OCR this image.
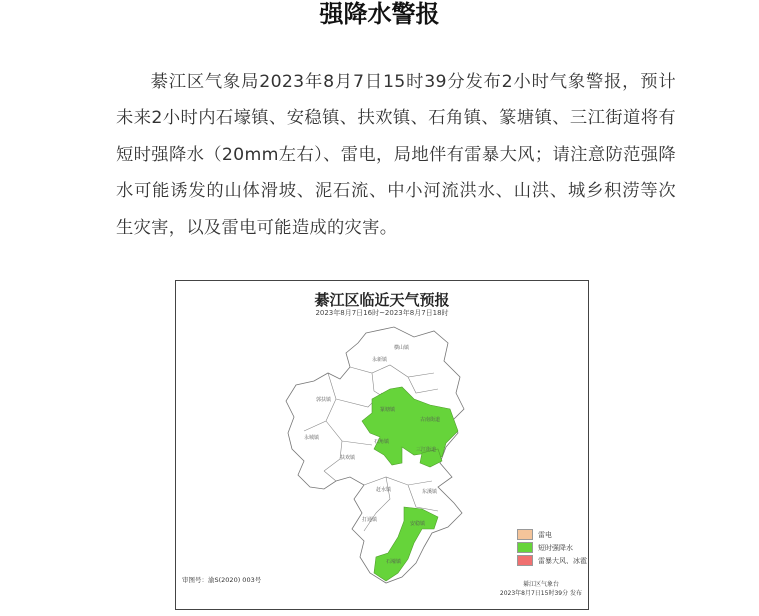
强降水警报
綦江区气象局2023年8月7日15时39分发布2小时气象警报，预计未来2小时内石壕镇、安稳镇、扶欢镇、石角镇、篆塘镇、三江街道将有短时强降水（20mm左右）、雷电，局地伴有雷暴大风；请注意防范强降水可能诱发的山体滑坡、泥石流、中小河流洪水、山洪、城乡积涝等次生灾害，以及雷电可能造成的灾害。
綦江区临近天气预报
2023年8月7日16时~2023年8月7日18时
横山镇
永新镇
郭扶镇
篆塘镇
古南街道
三江街道
永城镇
扶欢镇
石角镇
东溪镇
赶水镇
安稳镇
打通镇
石壕镇
雷电
短时强降水
雷暴大风、冰雹
审图号：渝S(2020) 003号
綦江区气象台
2023年8月7日15时39分 发布
